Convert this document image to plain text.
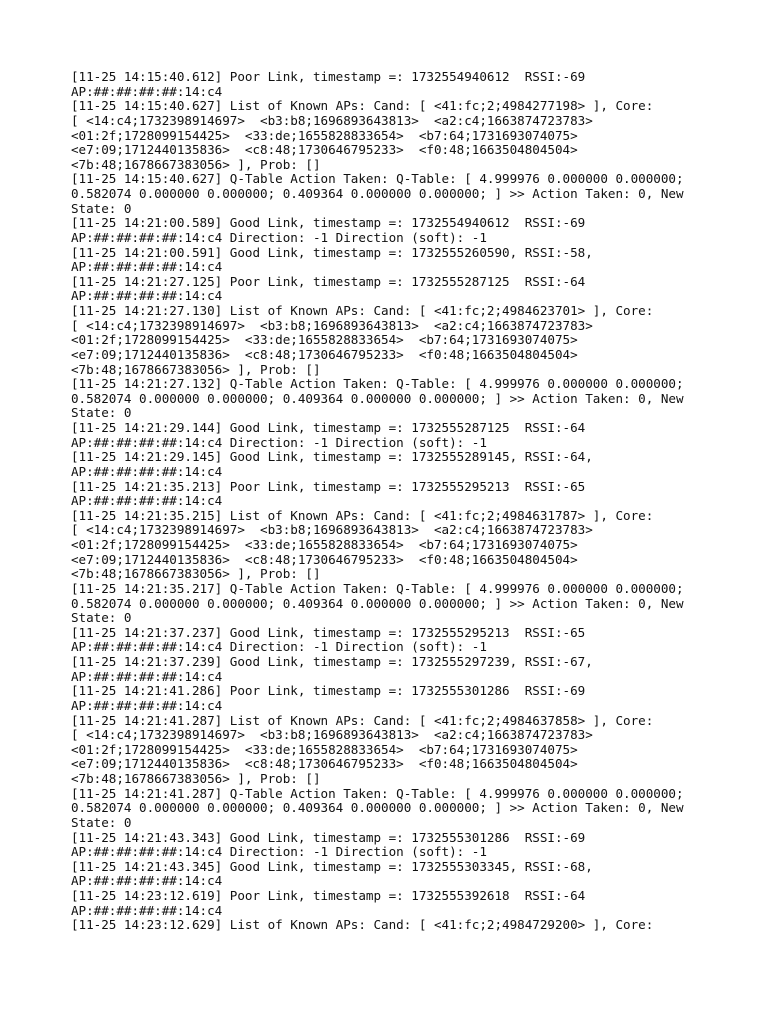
[11-25 14:15:40.612] Poor Link, timestamp =: 1732554940612  RSSI:-69
AP:##:##:##:##:14:c4
[11-25 14:15:40.627] List of Known APs: Cand: [ <41:fc;2;4984277198> ], Core:
[ <14:c4;1732398914697>  <b3:b8;1696893643813>  <a2:c4;1663874723783>
<01:2f;1728099154425>  <33:de;1655828833654>  <b7:64;1731693074075>
<e7:09;1712440135836>  <c8:48;1730646795233>  <f0:48;1663504804504>
<7b:48;1678667383056> ], Prob: []
[11-25 14:15:40.627] Q-Table Action Taken: Q-Table: [ 4.999976 0.000000 0.000000;
0.582074 0.000000 0.000000; 0.409364 0.000000 0.000000; ] >> Action Taken: 0, New
State: 0
[11-25 14:21:00.589] Good Link, timestamp =: 1732554940612  RSSI:-69
AP:##:##:##:##:14:c4 Direction: -1 Direction (soft): -1
[11-25 14:21:00.591] Good Link, timestamp =: 1732555260590, RSSI:-58,
AP:##:##:##:##:14:c4
[11-25 14:21:27.125] Poor Link, timestamp =: 1732555287125  RSSI:-64
AP:##:##:##:##:14:c4
[11-25 14:21:27.130] List of Known APs: Cand: [ <41:fc;2;4984623701> ], Core:
[ <14:c4;1732398914697>  <b3:b8;1696893643813>  <a2:c4;1663874723783>
<01:2f;1728099154425>  <33:de;1655828833654>  <b7:64;1731693074075>
<e7:09;1712440135836>  <c8:48;1730646795233>  <f0:48;1663504804504>
<7b:48;1678667383056> ], Prob: []
[11-25 14:21:27.132] Q-Table Action Taken: Q-Table: [ 4.999976 0.000000 0.000000;
0.582074 0.000000 0.000000; 0.409364 0.000000 0.000000; ] >> Action Taken: 0, New
State: 0
[11-25 14:21:29.144] Good Link, timestamp =: 1732555287125  RSSI:-64
AP:##:##:##:##:14:c4 Direction: -1 Direction (soft): -1
[11-25 14:21:29.145] Good Link, timestamp =: 1732555289145, RSSI:-64,
AP:##:##:##:##:14:c4
[11-25 14:21:35.213] Poor Link, timestamp =: 1732555295213  RSSI:-65
AP:##:##:##:##:14:c4
[11-25 14:21:35.215] List of Known APs: Cand: [ <41:fc;2;4984631787> ], Core:
[ <14:c4;1732398914697>  <b3:b8;1696893643813>  <a2:c4;1663874723783>
<01:2f;1728099154425>  <33:de;1655828833654>  <b7:64;1731693074075>
<e7:09;1712440135836>  <c8:48;1730646795233>  <f0:48;1663504804504>
<7b:48;1678667383056> ], Prob: []
[11-25 14:21:35.217] Q-Table Action Taken: Q-Table: [ 4.999976 0.000000 0.000000;
0.582074 0.000000 0.000000; 0.409364 0.000000 0.000000; ] >> Action Taken: 0, New
State: 0
[11-25 14:21:37.237] Good Link, timestamp =: 1732555295213  RSSI:-65
AP:##:##:##:##:14:c4 Direction: -1 Direction (soft): -1
[11-25 14:21:37.239] Good Link, timestamp =: 1732555297239, RSSI:-67,
AP:##:##:##:##:14:c4
[11-25 14:21:41.286] Poor Link, timestamp =: 1732555301286  RSSI:-69
AP:##:##:##:##:14:c4
[11-25 14:21:41.287] List of Known APs: Cand: [ <41:fc;2;4984637858> ], Core:
[ <14:c4;1732398914697>  <b3:b8;1696893643813>  <a2:c4;1663874723783>
<01:2f;1728099154425>  <33:de;1655828833654>  <b7:64;1731693074075>
<e7:09;1712440135836>  <c8:48;1730646795233>  <f0:48;1663504804504>
<7b:48;1678667383056> ], Prob: []
[11-25 14:21:41.287] Q-Table Action Taken: Q-Table: [ 4.999976 0.000000 0.000000;
0.582074 0.000000 0.000000; 0.409364 0.000000 0.000000; ] >> Action Taken: 0, New
State: 0
[11-25 14:21:43.343] Good Link, timestamp =: 1732555301286  RSSI:-69
AP:##:##:##:##:14:c4 Direction: -1 Direction (soft): -1
[11-25 14:21:43.345] Good Link, timestamp =: 1732555303345, RSSI:-68,
AP:##:##:##:##:14:c4
[11-25 14:23:12.619] Poor Link, timestamp =: 1732555392618  RSSI:-64
AP:##:##:##:##:14:c4
[11-25 14:23:12.629] List of Known APs: Cand: [ <41:fc;2;4984729200> ], Core:
